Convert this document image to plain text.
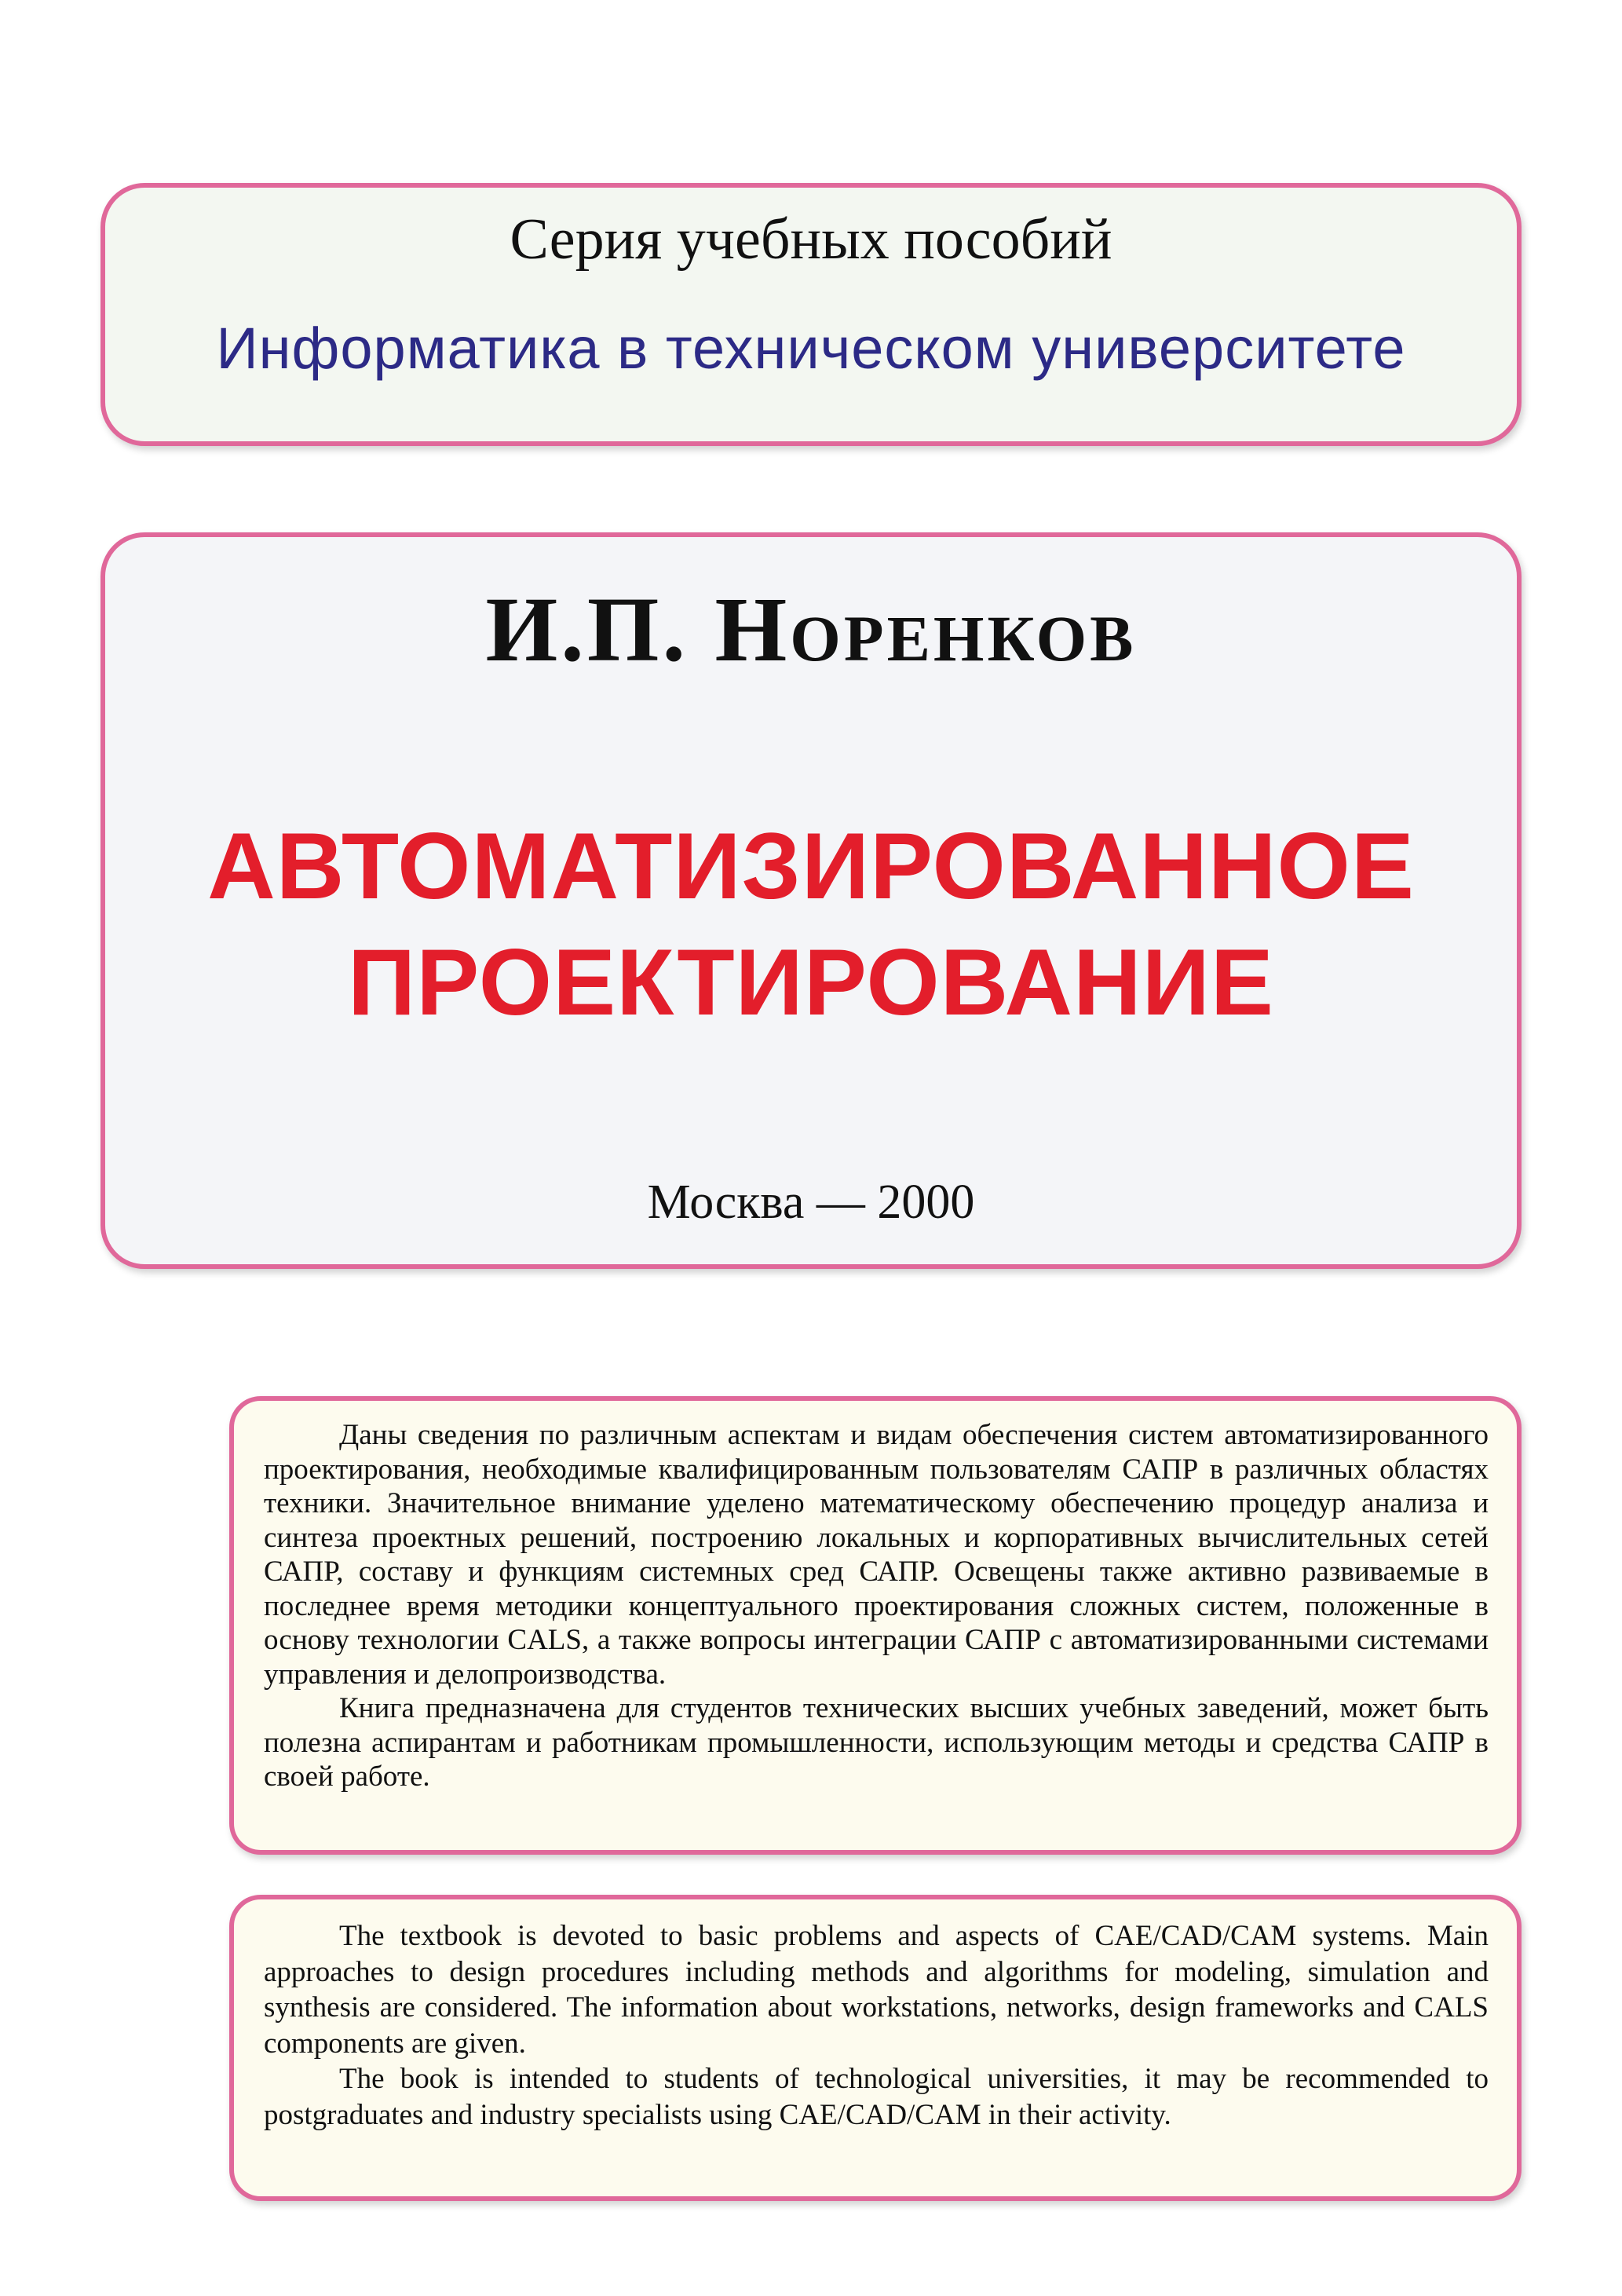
Серия учебных пособий
Информатика в техническом университете
И.П. Норенков
АВТОМАТИЗИРОВАННОЕ
ПРОЕКТИРОВАНИЕ
Москва — 2000

Даны сведения по различным аспектам и видам обеспечения систем автоматизированного проектирования, необходимые квалифицированным пользователям САПР в различных областях техники. Значительное внимание уделено математическому обеспечению процедур анализа и синтеза проектных решений, построению локальных и корпоративных вычислительных сетей САПР, составу и функциям системных сред САПР. Освещены также активно развиваемые в последнее время методики концептуального проектирования сложных систем, положенные в основу технологии CALS, а также вопросы интеграции САПР с автоматизированными системами управления и делопроизводства.

Книга предназначена для студентов технических высших учебных заведений, может быть полезна аспирантам и работникам промышленности, использующим методы и средства САПР в своей работе.

The textbook is devoted to basic problems and aspects of CAE/CAD/CAM systems. Main approaches to design procedures including methods and algorithms for modeling, simulation and synthesis are considered. The information about workstations, networks, design frameworks and CALS components are given.

The book is intended to students of technological universities, it may be recommended to postgraduates and industry specialists using CAE/CAD/CAM in their activity.
